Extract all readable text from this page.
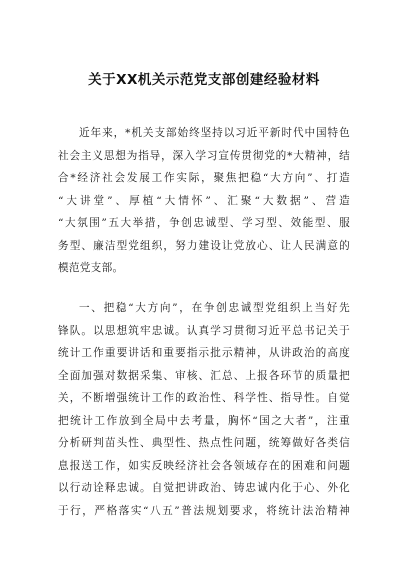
关于XX机关示范党支部创建经验材料
近年来，*机关支部始终坚持以习近平新时代中国特色
社会主义思想为指导，深入学习宣传贯彻党的*大精神，结
合*经济社会发展工作实际，聚焦把稳“大方向”、打造
“大讲堂”、厚植“大情怀”、汇聚“大数据”、营造
“大氛围”五大举措，争创忠诚型、学习型、效能型、服
务型、廉洁型党组织，努力建设让党放心、让人民满意的
模范党支部。
一、把稳“大方向”，在争创忠诚型党组织上当好先
锋队。以思想筑牢忠诚。认真学习贯彻习近平总书记关于
统计工作重要讲话和重要指示批示精神，从讲政治的高度
全面加强对数据采集、审核、汇总、上报各环节的质量把
关，不断增强统计工作的政治性、科学性、指导性。自觉
把统计工作放到全局中去考量，胸怀“国之大者”，注重
分析研判苗头性、典型性、热点性问题，统筹做好各类信
息报送工作，如实反映经济社会各领域存在的困难和问题
以行动诠释忠诚。自觉把讲政治、铸忠诚内化于心、外化
于行，严格落实“八五”普法规划要求，将统计法治精神
